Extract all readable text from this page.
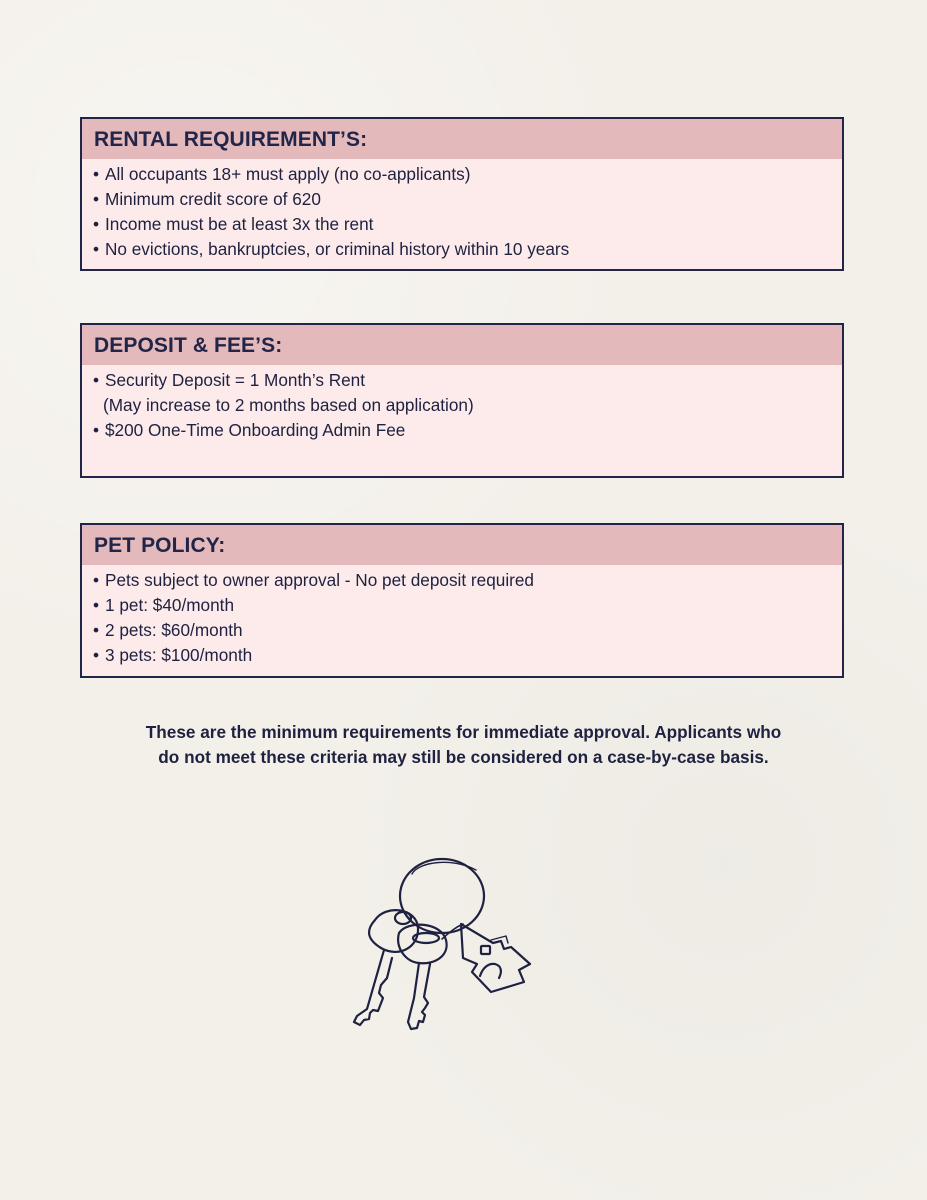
RENTAL REQUIREMENT’S:
• All occupants 18+ must apply (no co-applicants)
• Minimum credit score of 620
• Income must be at least 3x the rent
• No evictions, bankruptcies, or criminal history within 10 years
DEPOSIT & FEE’S:
• Security Deposit = 1 Month’s Rent
(May increase to 2 months based on application)
• $200 One-Time Onboarding Admin Fee
PET POLICY:
• Pets subject to owner approval - No pet deposit required
• 1 pet: $40/month
• 2 pets: $60/month
• 3 pets: $100/month
These are the minimum requirements for immediate approval. Applicants who
do not meet these criteria may still be considered on a case-by-case basis.
